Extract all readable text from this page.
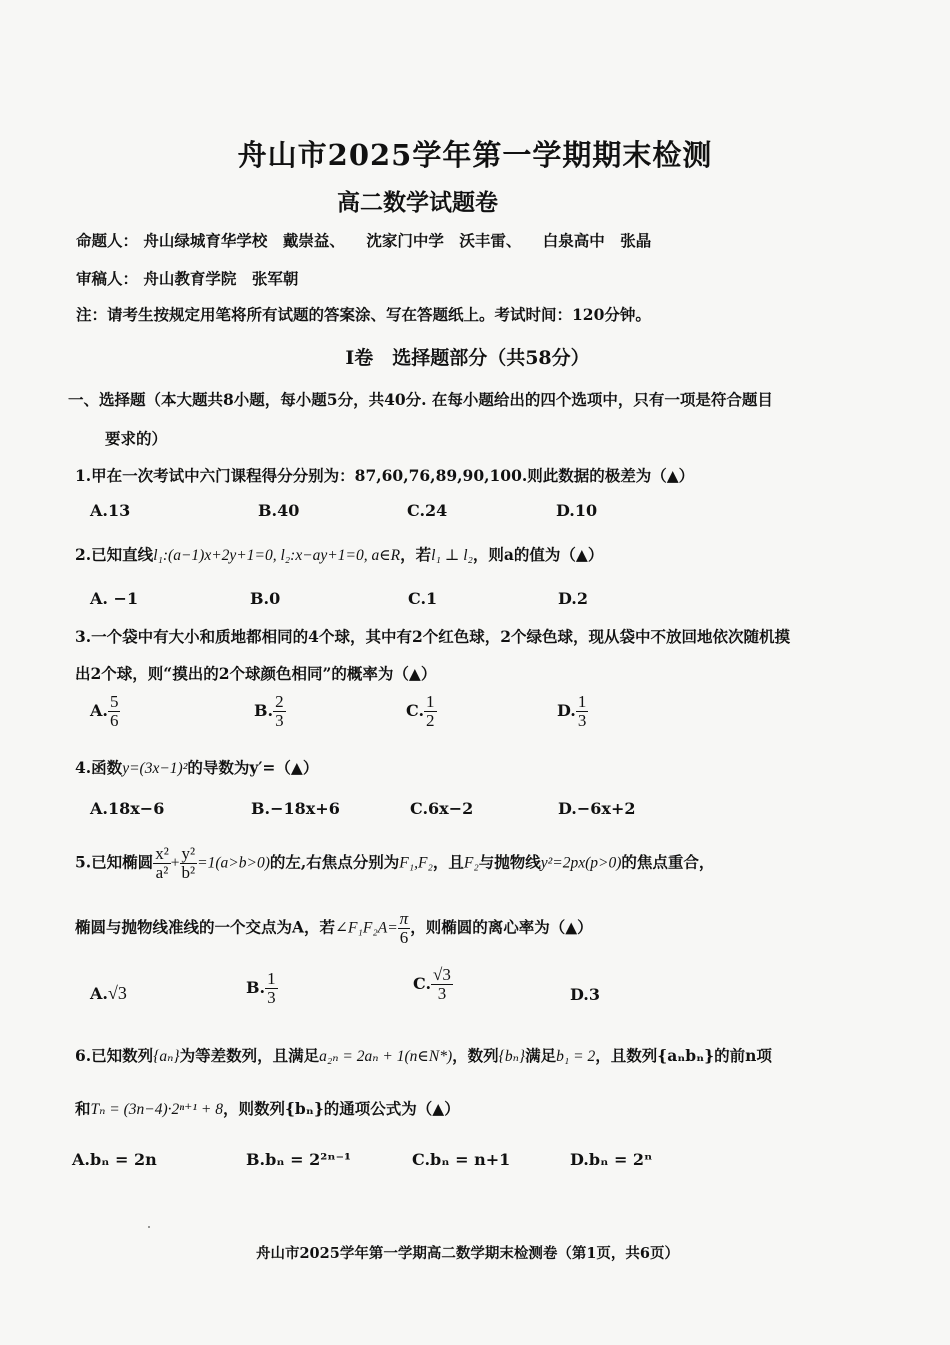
舟山市2025学年第一学期期末检测
高二数学试题卷
命题人： 舟山绿城育华学校　戴崇益、 沈家门中学　沃丰雷、 白泉高中　张晶
审稿人： 舟山教育学院　张军朝
注：请考生按规定用笔将所有试题的答案涂、写在答题纸上。考试时间：120分钟。
Ⅰ卷　选择题部分（共58分）
一、选择题（本大题共8小题，每小题5分，共40分. 在每小题给出的四个选项中，只有一项是符合题目
要求的）
1.甲在一次考试中六门课程得分分别为：87,60,76,89,90,100.则此数据的极差为（▲）
A.13	B.40	C.24	D.10
2.已知直线l₁:(a−1)x+2y+1=0, l₂:x−ay+1=0, a∈R，若l₁ ⊥ l₂，则a的值为（▲）
A. −1	B.0	C.1	D.2
3.一个袋中有大小和质地都相同的4个球，其中有2个红色球，2个绿色球，现从袋中不放回地依次随机摸
出2个球，则“摸出的2个球颜色相同”的概率为（▲）
A. $\frac{5}{6}$	B. $\frac{2}{3}$	C. $\frac{1}{2}$	D. $\frac{1}{3}$
4.函数y=(3x−1)²的导数为y′=（▲）
A.18x−6	B.−18x+6	C.6x−2	D.−6x+2
5.已知椭圆 $\frac{\text{x²}}{\text{a²}} + \frac{\text{y²}}{\text{b²}} =1(a>b>0)$的左,右焦点分别为F₁,F₂，且F₂与抛物线y²=2px(p>0)的焦点重合，
椭圆与抛物线准线的一个交点为A，若∠F₁F₂A= $\frac{\pi}{6}$ ，则椭圆的离心率为（▲）
A.√3	B. $\frac{1}{3}$	C. $\frac{√3}{3}$	D.3
6.已知数列{aₙ}为等差数列，且满足a₂ₙ = 2aₙ + 1(n∈N*)，数列{bₙ}满足b₁ = 2，且数列{aₙbₙ}的前n项
和Tₙ = (3n−4)·2ⁿ⁺¹ + 8，则数列{bₙ}的通项公式为（▲）
A.bₙ = 2n	B.bₙ = 2²ⁿ⁻¹	C.bₙ = n+1	D.bₙ = 2ⁿ
舟山市2025学年第一学期高二数学期末检测卷（第1页，共6页）
